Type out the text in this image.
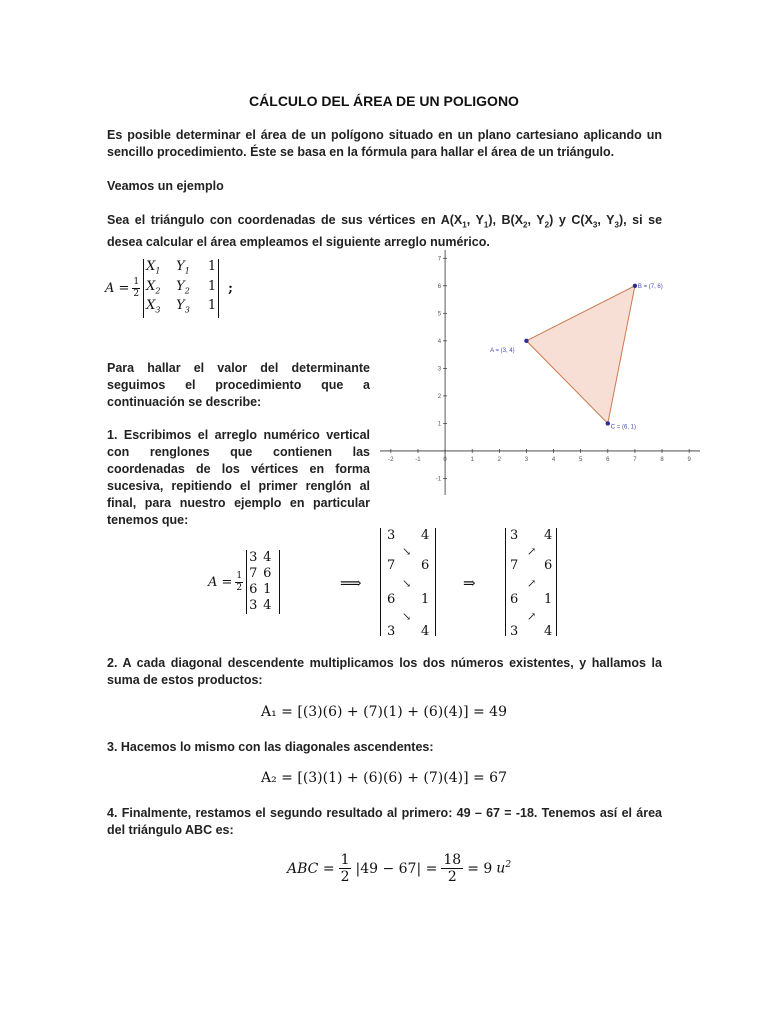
CÁLCULO DEL ÁREA DE UN POLIGONO
Es posible determinar el área de un polígono situado en un plano cartesiano aplicando un sencillo procedimiento. Éste se basa en la fórmula para hallar el área de un triángulo.
Veamos un ejemplo
Sea el triángulo con coordenadas de sus vértices en $A(X_1$, $Y_1$), $B(X_2$, $Y_2$) y $C(X_3$, $Y_3$), si se desea calcular el área empleamos el siguiente arreglo numérico.
$A = \frac{1}{2}$
$X_1$	$Y_1$	1
$X_2$	$Y_2$	1
$X_3$	$Y_3$	1
;
-2	-1	0	1	2	3	4	5	6	7	8	9
-1
1
2
3
4
5
6
7
A = (3, 4)
B = (7, 6)
C = (6, 1)
Para hallar el valor del determinante seguimos el procedimiento que a continuación se describe:
1. Escribimos el arreglo numérico vertical con renglones que contienen las coordenadas de los vértices en forma sucesiva, repitiendo el primer renglón al final, para nuestro ejemplo en particular tenemos que:
$A = \frac{1}{2}$
3 4
7 6
6 1
3 4
⟹
3 4
7 6
6 1
3 4
↘
↘
↘
⇒
3 4
7 6
6 1
3 4
↗
↗
↗
2. A cada diagonal descendente multiplicamos los dos números existentes, y hallamos la suma de estos productos:
A₁ = [(3)(6) + (7)(1) + (6)(4)] = 49
3. Hacemos lo mismo con las diagonales ascendentes:
A₂ = [(3)(1) + (6)(6) + (7)(4)] = 67
4. Finalmente, restamos el segundo resultado al primero: 49 – 67 = -18. Tenemos así el área del triángulo ABC es:
ABC = $\frac{1}{2} |49 - 67| = \frac{18}{2} = 9$ $u^2$
